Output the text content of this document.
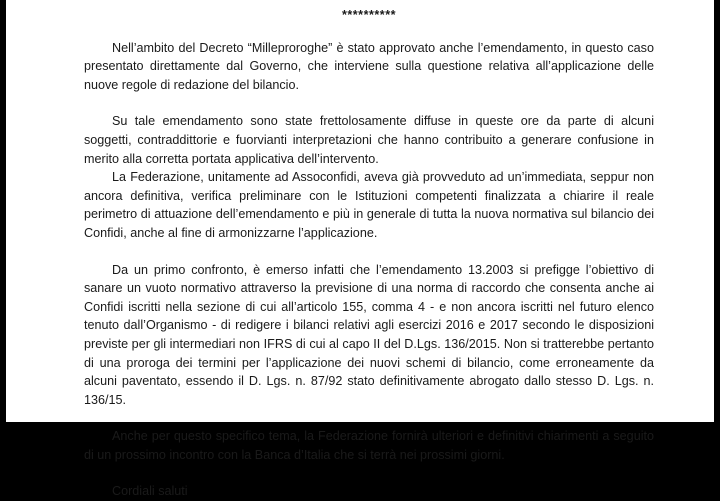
**********

Nell’ambito del Decreto “Milleproroghe” è stato approvato anche l’emendamento, in questo caso presentato direttamente dal Governo, che interviene sulla questione relativa all’applicazione delle nuove regole di redazione del bilancio.

Su tale emendamento sono state frettolosamente diffuse in queste ore da parte di alcuni soggetti, contraddittorie e fuorvianti interpretazioni che hanno contribuito a generare confusione in merito alla corretta portata applicativa dell’intervento.

La Federazione, unitamente ad Assoconfidi, aveva già provveduto ad un’immediata, seppur non ancora definitiva, verifica preliminare con le Istituzioni competenti finalizzata a chiarire il reale perimetro di attuazione dell’emendamento e più in generale di tutta la nuova normativa sul bilancio dei Confidi, anche al fine di armonizzarne l’applicazione.

Da un primo confronto, è emerso infatti che l’emendamento 13.2003 si prefigge l’obiettivo di sanare un vuoto normativo attraverso la previsione di una norma di raccordo che consenta anche ai Confidi iscritti nella sezione di cui all’articolo 155, comma 4 - e non ancora iscritti nel futuro elenco tenuto dall’Organismo - di redigere i bilanci relativi agli esercizi 2016 e 2017 secondo le disposizioni previste per gli intermediari non IFRS di cui al capo II del D.Lgs. 136/2015. Non si tratterebbe pertanto di una proroga dei termini per l’applicazione dei nuovi schemi di bilancio, come erroneamente da alcuni paventato, essendo il D. Lgs. n. 87/92 stato definitivamente abrogato dallo stesso D. Lgs. n. 136/15.

Anche per questo specifico tema, la Federazione fornirà ulteriori e definitivi chiarimenti a seguito di un prossimo incontro con la Banca d’Italia che si terrà nei prossimi giorni.

Cordiali saluti
